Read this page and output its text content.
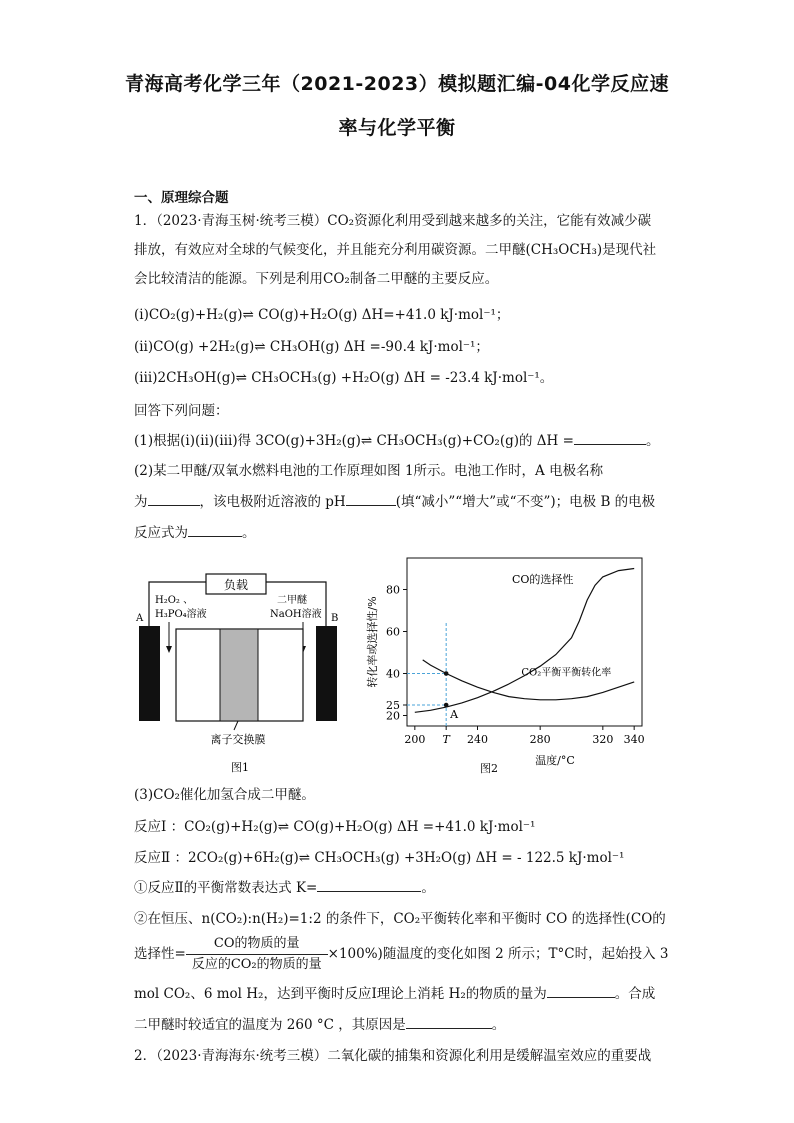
青海高考化学三年（2021-2023）模拟题汇编-04化学反应速
率与化学平衡
一、原理综合题
1．（2023·青海玉树·统考三模）CO₂资源化利用受到越来越多的关注，它能有效减少碳
排放，有效应对全球的气候变化，并且能充分利用碳资源。二甲醚(CH₃OCH₃)是现代社
会比较清洁的能源。下列是利用CO₂制备二甲醚的主要反应。
(ⅰ)CO₂(g)+H₂(g)⇌ CO(g)+H₂O(g) ΔH=+41.0 kJ·mol⁻¹；
(ⅱ)CO(g) +2H₂(g)⇌ CH₃OH(g) ΔH =-90.4 kJ·mol⁻¹；
(ⅲ)2CH₃OH(g)⇌ CH₃OCH₃(g) +H₂O(g) ΔH = -23.4 kJ·mol⁻¹。
回答下列问题：
(1)根据(ⅰ)(ⅱ)(ⅲ)得 3CO(g)+3H₂(g)⇌ CH₃OCH₃(g)+CO₂(g)的 ΔH =	。
(2)某二甲醚/双氧水燃料电池的工作原理如图 1所示。电池工作时，A 电极名称
为	，该电极附近溶液的 pH	(填“减小”“增大”或“不变”)；电极 B 的电极
反应式为	。
负载
H₂O₂ 、
H₃PO₄溶液
二甲醚
NaOH溶液
A	B
离子交换膜
图1
200 T 240	280	320 340
20
25
40
60
80
温度/°C
转化率或选择性/%
CO的选择性
CO₂平衡平衡转化率
A
图2
(3)CO₂催化加氢合成二甲醚。
反应Ⅰ ：CO₂(g)+H₂(g)⇌ CO(g)+H₂O(g) ΔH =+41.0 kJ·mol⁻¹
反应Ⅱ ：2CO₂(g)+6H₂(g)⇌ CH₃OCH₃(g) +3H₂O(g) ΔH = - 122.5 kJ·mol⁻¹
①反应Ⅱ的平衡常数表达式 K=	。
②在恒压、n(CO₂):n(H₂)=1:2 的条件下，CO₂平衡转化率和平衡时 CO 的选择性(CO的
选择性= $\frac{\text{CO的物质的量}}{\text{反应的CO₂的物质的量}} \times 100\%$)随温度的变化如图 2 所示；T°C时，起始投入 3
mol CO₂、6 mol H₂，达到平衡时反应Ⅰ理论上消耗 H₂的物质的量为	。合成
二甲醚时较适宜的温度为 260 °C ，其原因是	。
2．（2023·青海海东·统考三模）二氧化碳的捕集和资源化利用是缓解温室效应的重要战
